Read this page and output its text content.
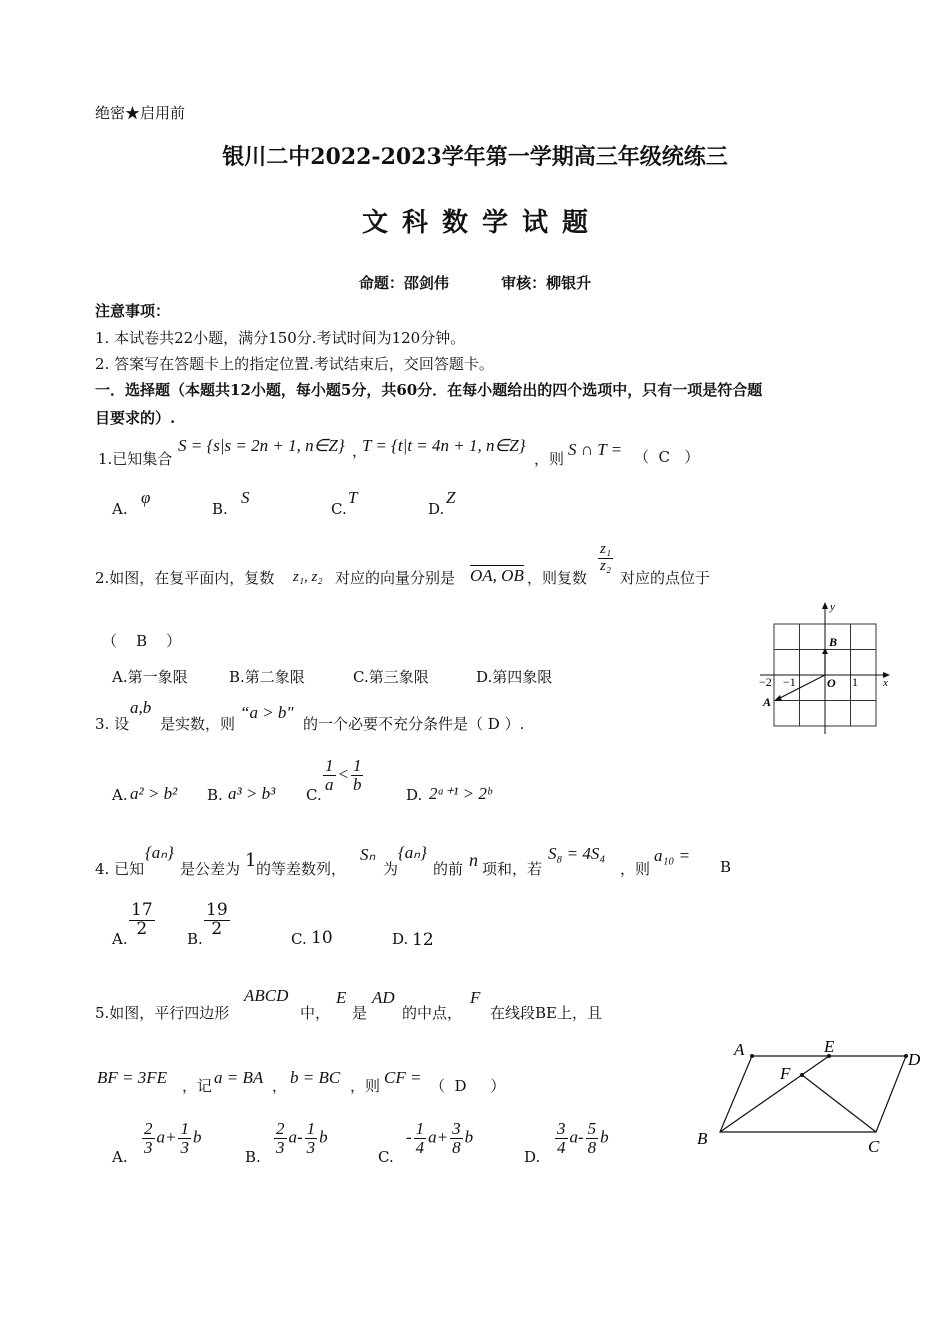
绝密★启用前
银川二中2022-2023学年第一学期高三年级统练三
文科数学试题
命题：邵剑伟          审核：柳银升
注意事项：
1. 本试卷共22小题，满分150分.考试时间为120分钟。
2. 答案写在答题卡上的指定位置.考试结束后，交回答题卡。
一．选择题（本题共12小题，每小题5分，共60分．在每小题给出的四个选项中，只有一项是符合题
目要求的）.
1.已知集合
S = {s|s = 2n + 1, n∈Z} ，
T = {t|t = 4n + 1, n∈Z}
，则 S ∩ T = （  C   ）
A.
φ
B.
S
C.
T
D.
Z
2.如图，在复平面内，复数 z₁, z₂ 对应的向量分别是 OA, OB ，则复数
$\frac{\text{z₁}}{\text{z₂}}$
对应的点位于
（    B    ）
A.第一象限	B.第二象限	C.第三象限	D.第四象限
y
x
B
A
O
−2 −1	1
3. 设
a,b
是实数，则
“a > b"
的一个必要不充分条件是（ D ）.
A. a² > b² B. a³ > b³ C.
$\frac{1}{a} < \frac{1}{b}$
D. 2ᵃ⁺¹ > 2ᵇ
4. 已知
{aₙ}
是公差为 1 的等差数列，
Sₙ
为
{aₙ}
的前 n 项和，若
S₈ = 4S₄
，则
a₁₀ =
B
A.
$\frac{17}{2}$
B.
$\frac{19}{2}$
C. 10	D. 12
5.如图，平行四边形
ABCD
中，
E
是
AD
的中点，
F
在线段BE上，且
BF = 3FE ，记 a = BA ， b = BC ，则 CF = （  D     ）
A.
$\frac{2}{3} a+ \frac{1}{3}$ b
B.
$\frac{2}{3} a- \frac{1}{3}$ b
C.
- $\frac{1}{4} a+ \frac{3}{8}$ b
D.
$\frac{3}{4} a- \frac{5}{8}$ b
A	E
D
F
B	C
